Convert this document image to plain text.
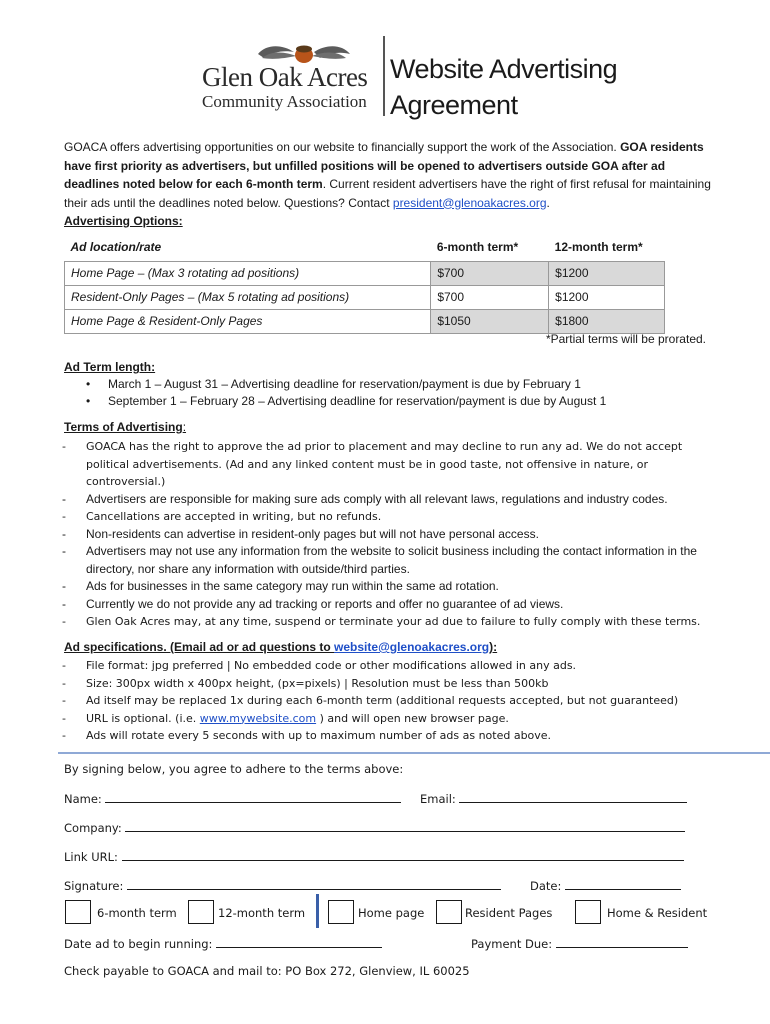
Glen Oak Acres
Community Association
Website Advertising
Agreement
GOACA offers advertising opportunities on our website to financially support the work of the Association. GOA residents have first priority as advertisers, but unfilled positions will be opened to advertisers outside GOA after ad deadlines noted below for each 6-month term. Current resident advertisers have the right of first refusal for maintaining their ads until the deadlines noted below. Questions? Contact president@glenoakacres.org.
Advertising Options:
Ad location/rate	6-month term*	12-month term*
Home Page – (Max 3 rotating ad positions)	$700	$1200
Resident-Only Pages – (Max 5 rotating ad positions)	$700	$1200
Home Page & Resident-Only Pages	$1050	$1800
*Partial terms will be prorated.
Ad Term length:
• March 1 – August 31 – Advertising deadline for reservation/payment is due by February 1
• September 1 – February 28 – Advertising deadline for reservation/payment is due by August 1
Terms of Advertising:
- GOACA has the right to approve the ad prior to placement and may decline to run any ad. We do not accept political advertisements. (Ad and any linked content must be in good taste, not offensive in nature, or controversial.)
- Advertisers are responsible for making sure ads comply with all relevant laws, regulations and industry codes.
- Cancellations are accepted in writing, but no refunds.
- Non-residents can advertise in resident-only pages but will not have personal access.
- Advertisers may not use any information from the website to solicit business including the contact information in the directory, nor share any information with outside/third parties.
- Ads for businesses in the same category may run within the same ad rotation.
- Currently we do not provide any ad tracking or reports and offer no guarantee of ad views.
- Glen Oak Acres may, at any time, suspend or terminate your ad due to failure to fully comply with these terms.
Ad specifications. (Email ad or ad questions to website@glenoakacres.org):
- File format: jpg preferred | No embedded code or other modifications allowed in any ads.
- Size: 300px width x 400px height, (px=pixels) | Resolution must be less than 500kb
- Ad itself may be replaced 1x during each 6-month term (additional requests accepted, but not guaranteed)
- URL is optional. (i.e. www.mywebsite.com ) and will open new browser page.
- Ads will rotate every 5 seconds with up to maximum number of ads as noted above.
By signing below, you agree to adhere to the terms above:
Name:	Email:
Company:
Link URL:
Signature:	Date:
6-month term	12-month term	Home page	Resident Pages	Home & Resident
Date ad to begin running:	Payment Due:
Check payable to GOACA and mail to: PO Box 272, Glenview, IL 60025
